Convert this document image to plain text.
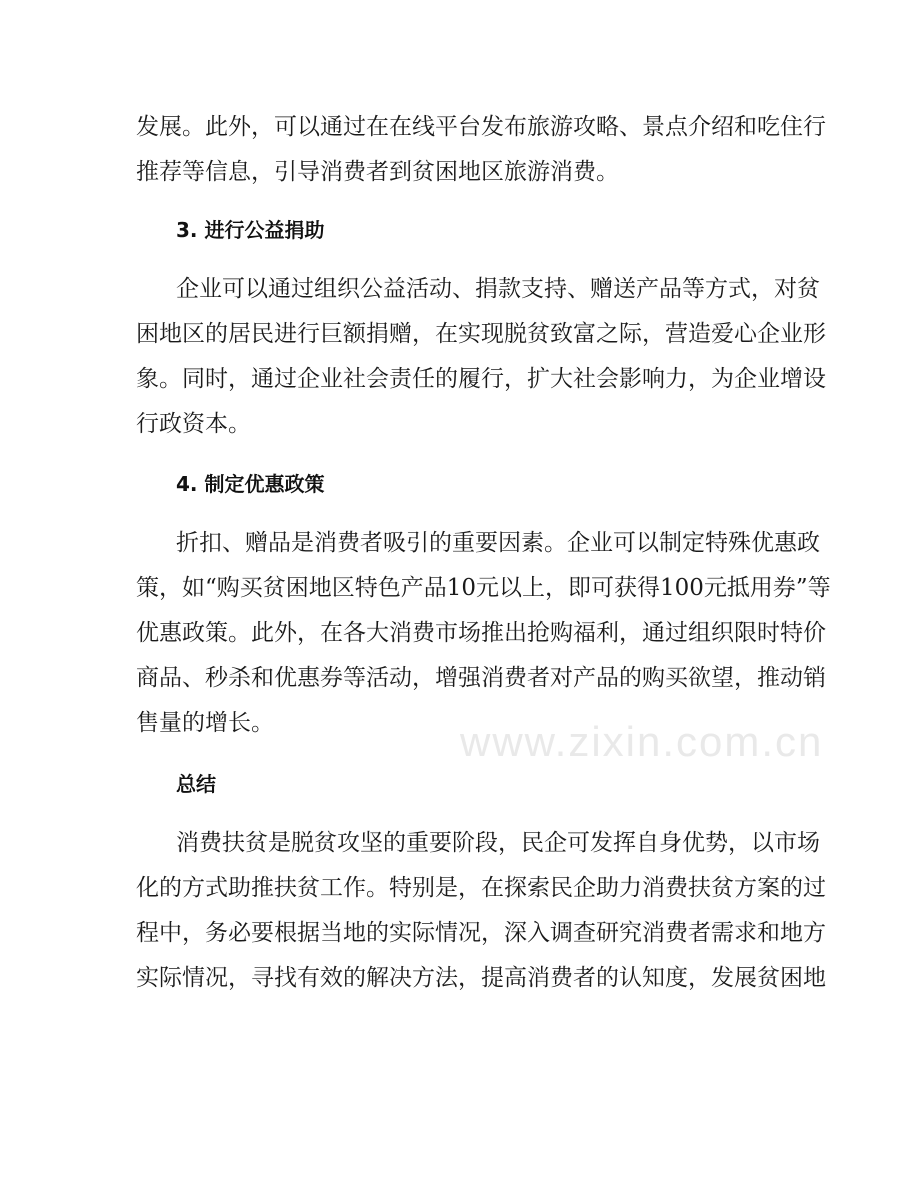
www.zixin.com.cn
发展。此外，可以通过在在线平台发布旅游攻略、景点介绍和吃住行
推荐等信息，引导消费者到贫困地区旅游消费。
3. 进行公益捐助
企业可以通过组织公益活动、捐款支持、赠送产品等方式，对贫
困地区的居民进行巨额捐赠，在实现脱贫致富之际，营造爱心企业形
象。同时，通过企业社会责任的履行，扩大社会影响力，为企业增设
行政资本。
4. 制定优惠政策
折扣、赠品是消费者吸引的重要因素。企业可以制定特殊优惠政
策，如“购买贫困地区特色产品10元以上，即可获得100元抵用券”等
优惠政策。此外，在各大消费市场推出抢购福利，通过组织限时特价
商品、秒杀和优惠券等活动，增强消费者对产品的购买欲望，推动销
售量的增长。
总结
消费扶贫是脱贫攻坚的重要阶段，民企可发挥自身优势，以市场
化的方式助推扶贫工作。特别是，在探索民企助力消费扶贫方案的过
程中，务必要根据当地的实际情况，深入调查研究消费者需求和地方
实际情况，寻找有效的解决方法，提高消费者的认知度，发展贫困地
